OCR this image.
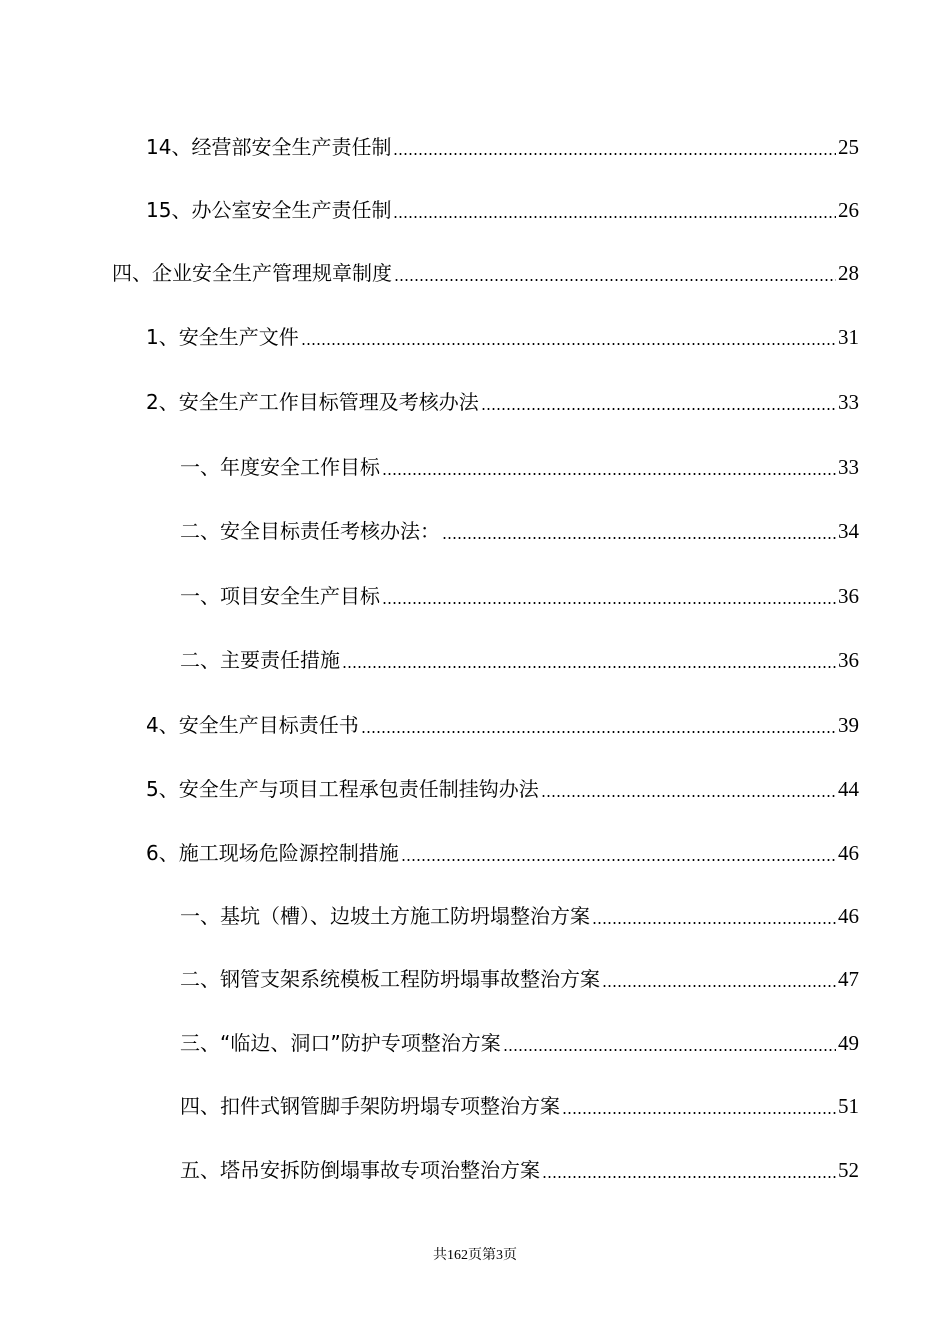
14、经营部安全生产责任制	25
15、办公室安全生产责任制	26
四、企业安全生产管理规章制度	28
1、安全生产文件	31
2、安全生产工作目标管理及考核办法	33
一、年度安全工作目标	33
二、安全目标责任考核办法：	34
一、项目安全生产目标	36
二、主要责任措施	36
4、安全生产目标责任书	39
5、安全生产与项目工程承包责任制挂钩办法	44
6、施工现场危险源控制措施	46
一、基坑（槽）、边坡土方施工防坍塌整治方案	46
二、钢管支架系统模板工程防坍塌事故整治方案	47
三、“临边、洞口”防护专项整治方案	49
四、扣件式钢管脚手架防坍塌专项整治方案	51
五、塔吊安拆防倒塌事故专项治整治方案	52
共162页第3页
